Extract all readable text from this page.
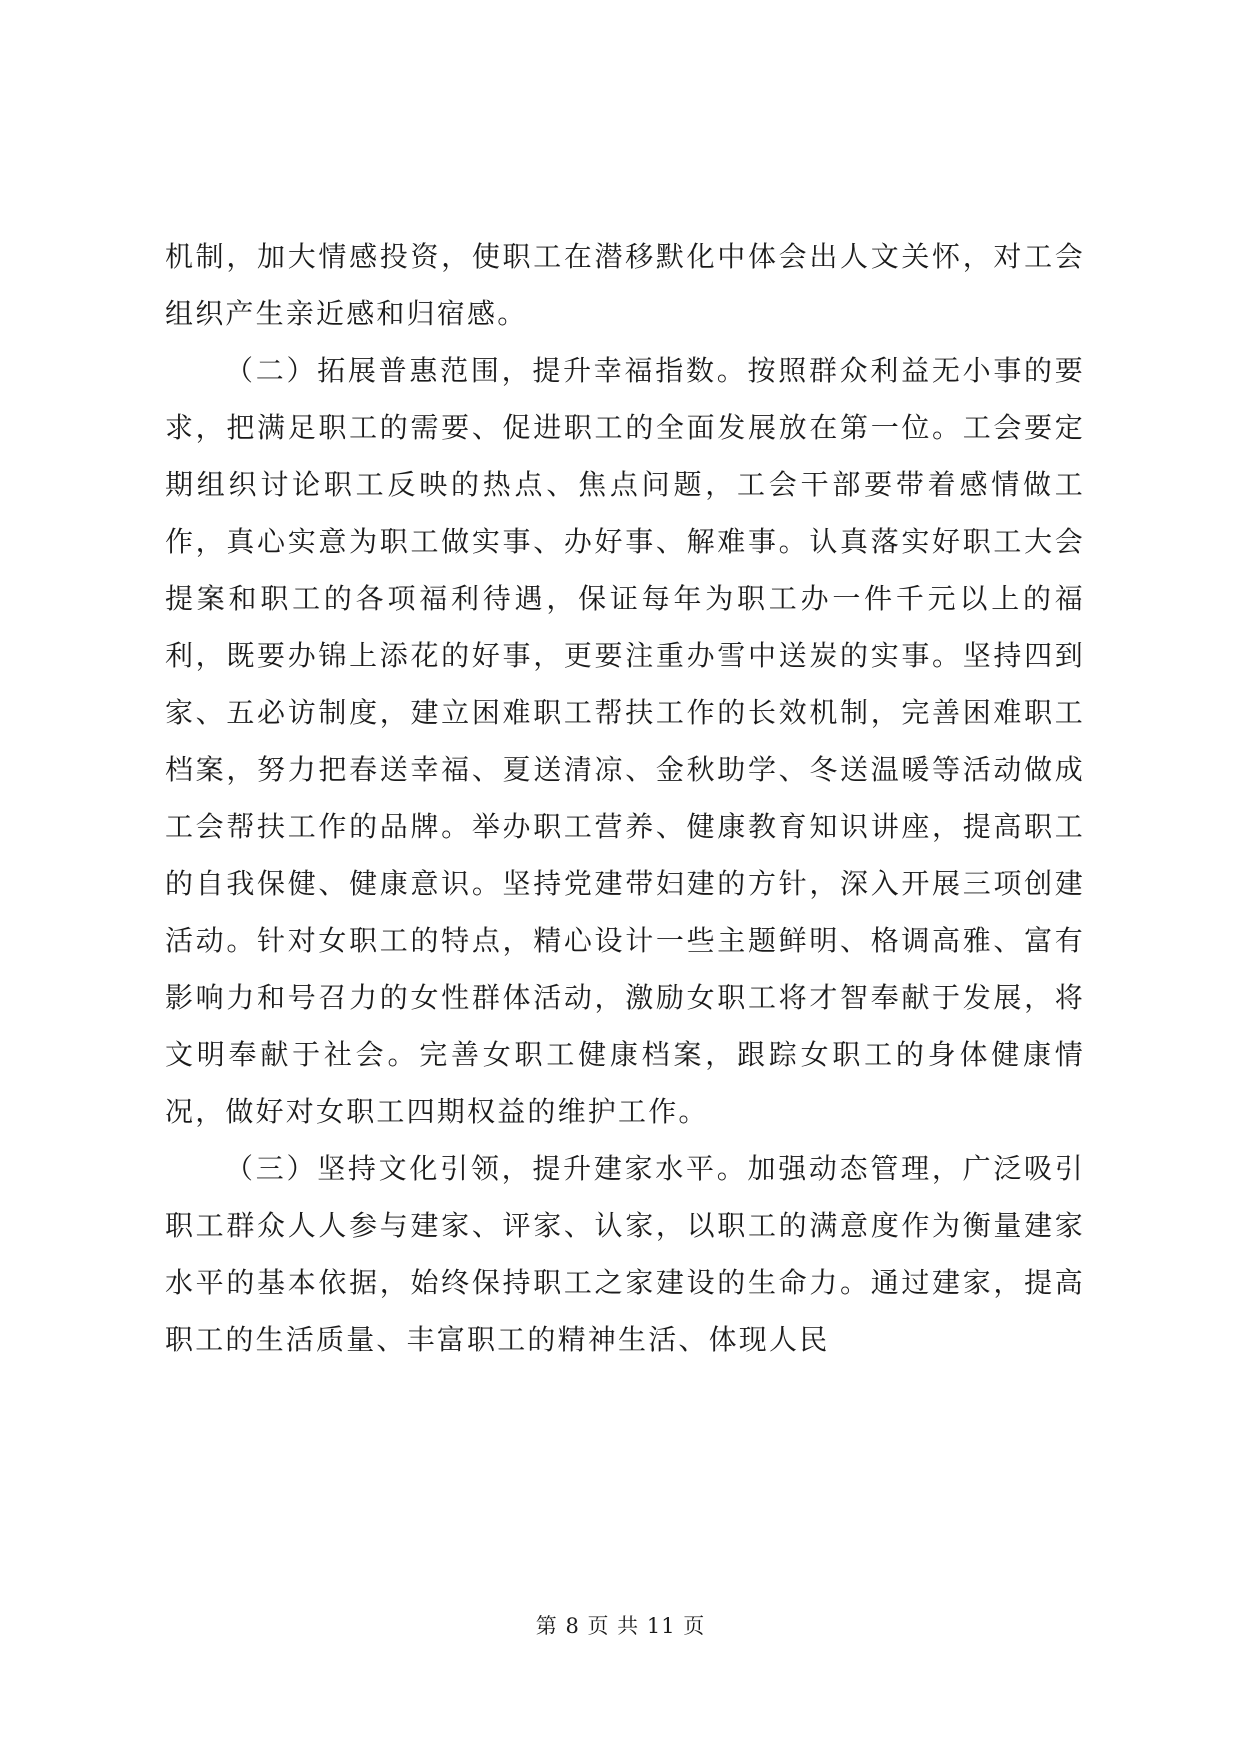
机制，加大情感投资，使职工在潜移默化中体会出人文关怀，对工会组织产生亲近感和归宿感。

（二）拓展普惠范围，提升幸福指数。按照群众利益无小事的要求，把满足职工的需要、促进职工的全面发展放在第一位。工会要定期组织讨论职工反映的热点、焦点问题，工会干部要带着感情做工作，真心实意为职工做实事、办好事、解难事。认真落实好职工大会提案和职工的各项福利待遇，保证每年为职工办一件千元以上的福利，既要办锦上添花的好事，更要注重办雪中送炭的实事。坚持四到家、五必访制度，建立困难职工帮扶工作的长效机制，完善困难职工档案，努力把春送幸福、夏送清凉、金秋助学、冬送温暖等活动做成工会帮扶工作的品牌。举办职工营养、健康教育知识讲座，提高职工的自我保健、健康意识。坚持党建带妇建的方针，深入开展三项创建活动。针对女职工的特点，精心设计一些主题鲜明、格调高雅、富有影响力和号召力的女性群体活动，激励女职工将才智奉献于发展，将文明奉献于社会。完善女职工健康档案，跟踪女职工的身体健康情况，做好对女职工四期权益的维护工作。

（三）坚持文化引领，提升建家水平。加强动态管理，广泛吸引职工群众人人参与建家、评家、认家，以职工的满意度作为衡量建家水平的基本依据，始终保持职工之家建设的生命力。通过建家，提高职工的生活质量、丰富职工的精神生活、体现人民

第 8 页 共 11 页
